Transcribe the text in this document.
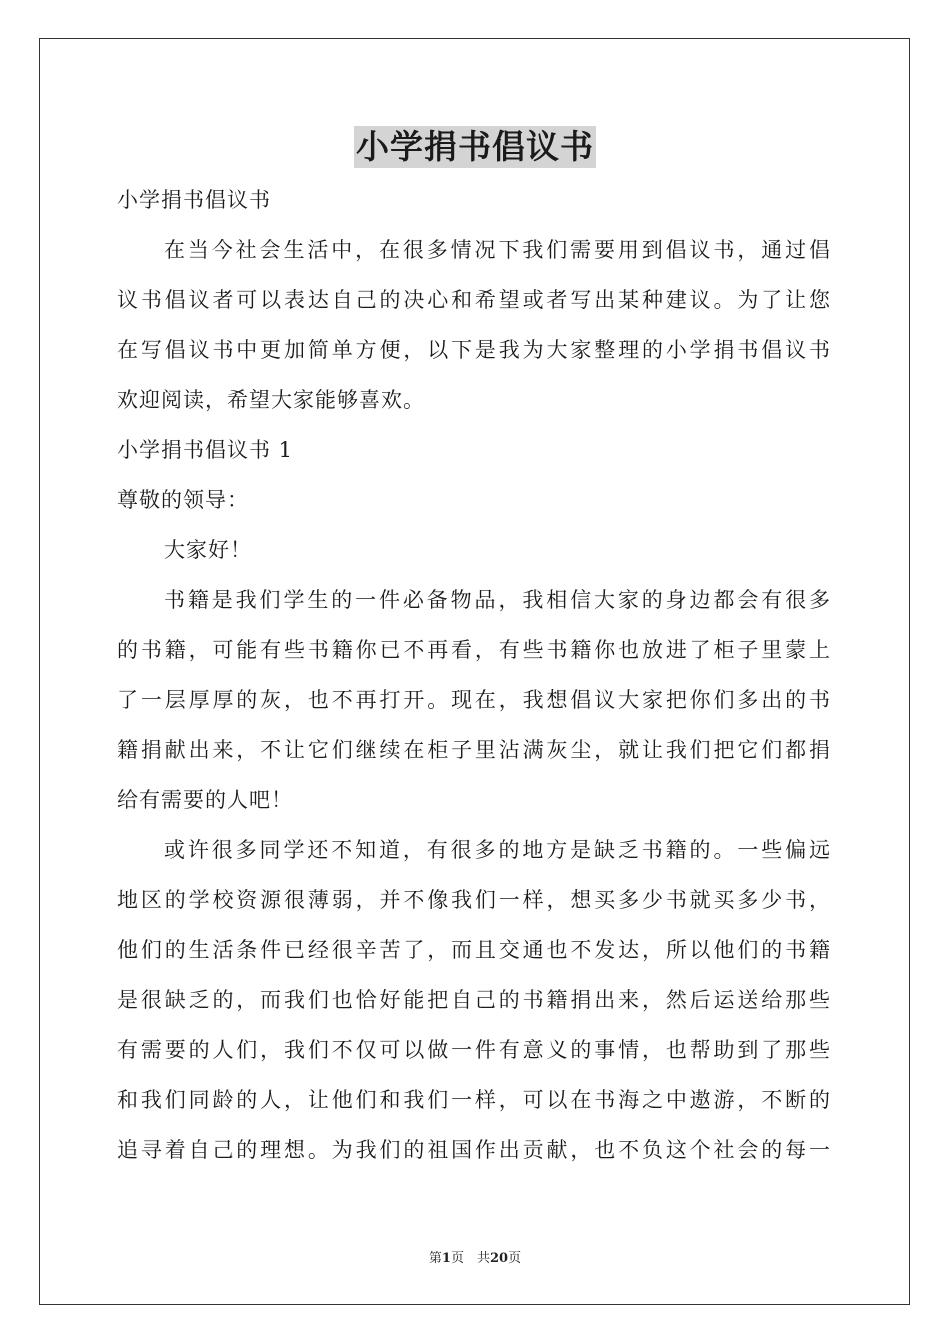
小学捐书倡议书
小学捐书倡议书
在当今社会生活中，在很多情况下我们需要用到倡议书，通过倡
议书倡议者可以表达自己的决心和希望或者写出某种建议。为了让您
在写倡议书中更加简单方便，以下是我为大家整理的小学捐书倡议书
欢迎阅读，希望大家能够喜欢。
小学捐书倡议书 1
尊敬的领导：
大家好！
书籍是我们学生的一件必备物品，我相信大家的身边都会有很多
的书籍，可能有些书籍你已不再看，有些书籍你也放进了柜子里蒙上
了一层厚厚的灰，也不再打开。现在，我想倡议大家把你们多出的书
籍捐献出来，不让它们继续在柜子里沾满灰尘，就让我们把它们都捐
给有需要的人吧！
或许很多同学还不知道，有很多的地方是缺乏书籍的。一些偏远
地区的学校资源很薄弱，并不像我们一样，想买多少书就买多少书，
他们的生活条件已经很辛苦了，而且交通也不发达，所以他们的书籍
是很缺乏的，而我们也恰好能把自己的书籍捐出来，然后运送给那些
有需要的人们，我们不仅可以做一件有意义的事情，也帮助到了那些
和我们同龄的人，让他们和我们一样，可以在书海之中遨游，不断的
追寻着自己的理想。为我们的祖国作出贡献，也不负这个社会的每一
第1页　共20页
